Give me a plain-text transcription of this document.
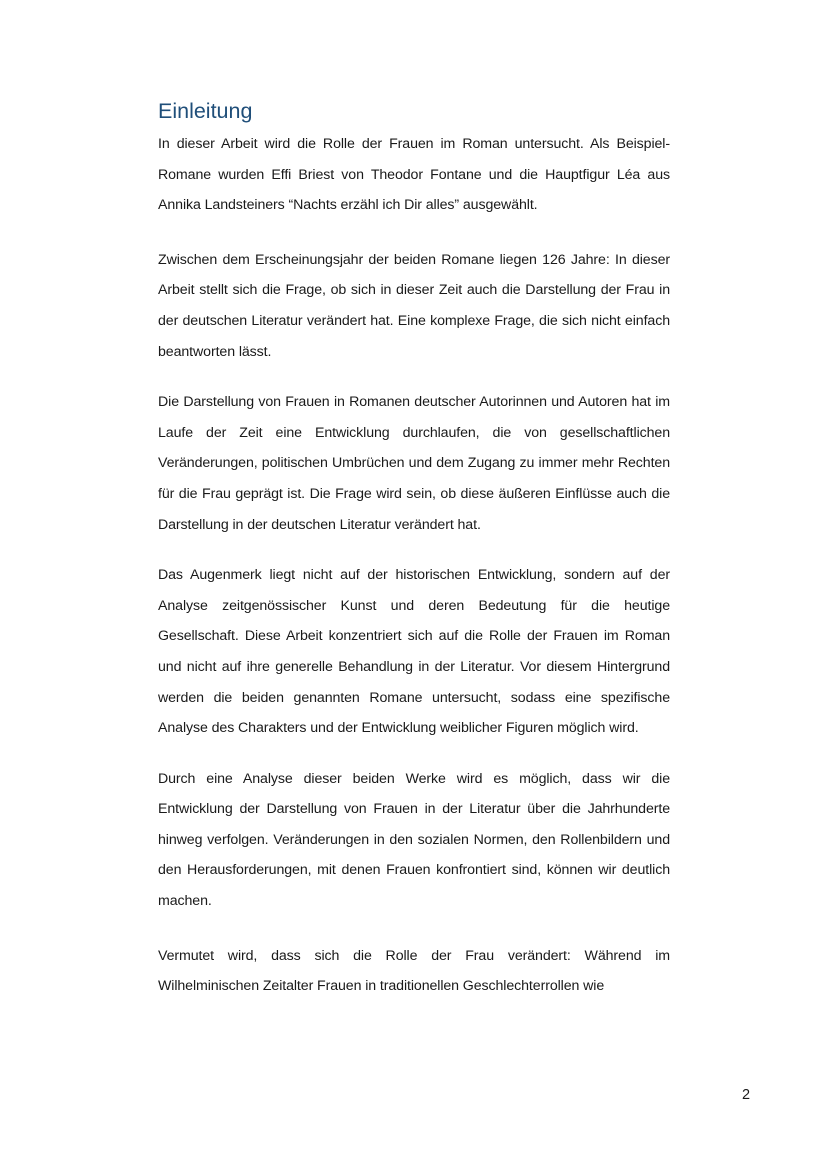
Einleitung

In dieser Arbeit wird die Rolle der Frauen im Roman untersucht. Als Beispiel-Romane wurden Effi Briest von Theodor Fontane und die Hauptfigur Léa aus Annika Landsteiners “Nachts erzähl ich Dir alles” ausgewählt.

Zwischen dem Erscheinungsjahr der beiden Romane liegen 126 Jahre: In dieser Arbeit stellt sich die Frage, ob sich in dieser Zeit auch die Darstellung der Frau in der deutschen Literatur verändert hat. Eine komplexe Frage, die sich nicht einfach beantworten lässt.

Die Darstellung von Frauen in Romanen deutscher Autorinnen und Autoren hat im Laufe der Zeit eine Entwicklung durchlaufen, die von gesellschaftlichen Veränderungen, politischen Umbrüchen und dem Zugang zu immer mehr Rechten für die Frau geprägt ist. Die Frage wird sein, ob diese äußeren Einflüsse auch die Darstellung in der deutschen Literatur verändert hat.

Das Augenmerk liegt nicht auf der historischen Entwicklung, sondern auf der Analyse zeitgenössischer Kunst und deren Bedeutung für die heutige Gesellschaft. Diese Arbeit konzentriert sich auf die Rolle der Frauen im Roman und nicht auf ihre generelle Behandlung in der Literatur. Vor diesem Hintergrund werden die beiden genannten Romane untersucht, sodass eine spezifische Analyse des Charakters und der Entwicklung weiblicher Figuren möglich wird.

Durch eine Analyse dieser beiden Werke wird es möglich, dass wir die Entwicklung der Darstellung von Frauen in der Literatur über die Jahrhunderte hinweg verfolgen. Veränderungen in den sozialen Normen, den Rollenbildern und den Herausforderungen, mit denen Frauen konfrontiert sind, können wir deutlich machen.

Vermutet wird, dass sich die Rolle der Frau verändert: Während im Wilhelminischen Zeitalter Frauen in traditionellen Geschlechterrollen wie

2
